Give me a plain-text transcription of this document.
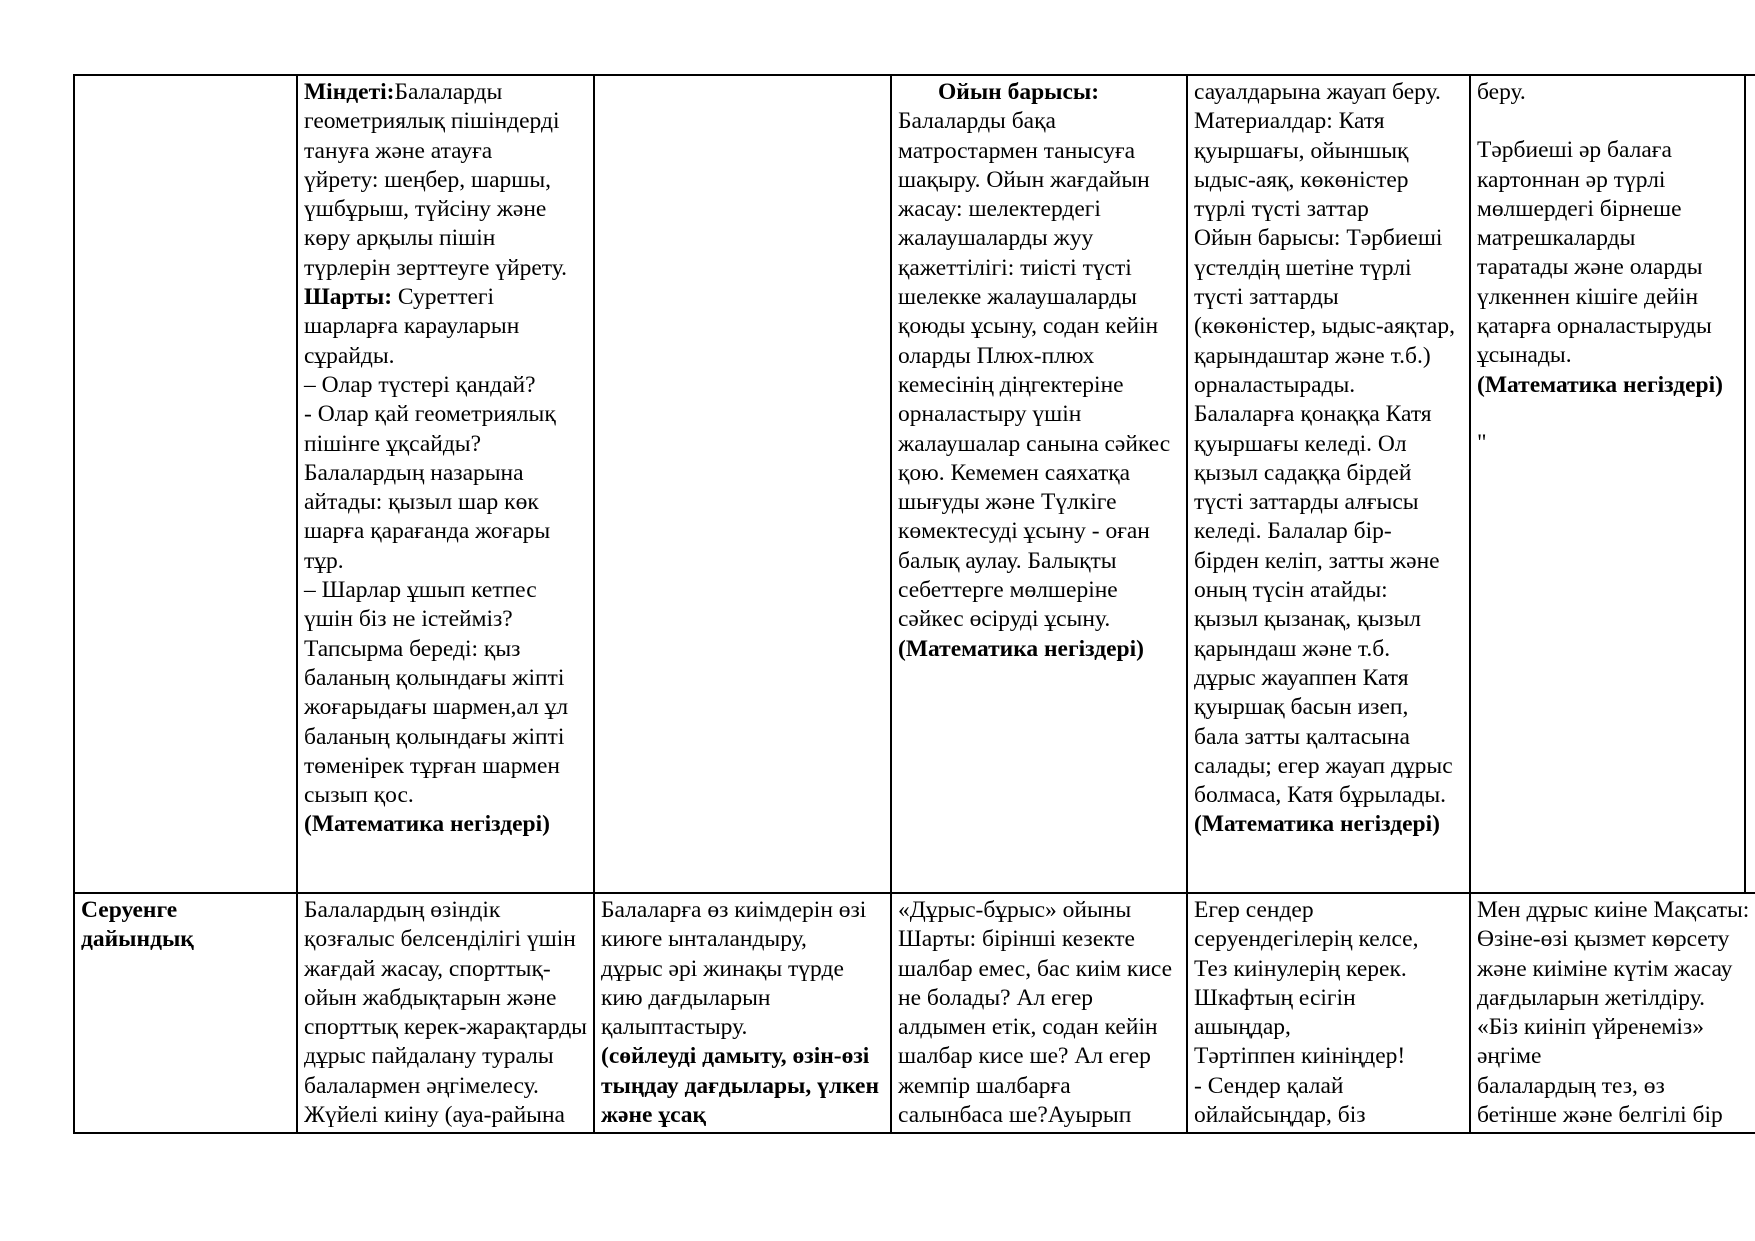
Міндеті:Балаларды
геометриялық пішіндерді
тануға және атауға
үйрету: шеңбер, шаршы,
үшбұрыш, түйсіну және
көру арқылы пішін
түрлерін зерттеуге үйрету.
Шарты: Суреттегі
шарларға карауларын
сұрайды.
– Олар түстері қандай?
- Олар қай геометриялық
пішінге ұқсайды?
Балалардың назарына
айтады: қызыл шар көк
шарға қарағанда жоғары
тұр.
– Шарлар ұшып кетпес
үшін біз не істейміз?
Тапсырма береді: қыз
баланың қолындағы жіпті
жоғарыдағы шармен,ал ұл
баланың қолындағы жіпті
төменірек тұрған шармен
сызып қос.
(Математика негіздері)
Ойын барысы:
Балаларды бақа
матростармен танысуға
шақыру. Ойын жағдайын
жасау: шелектердегі
жалаушаларды жуу
қажеттілігі: тиісті түсті
шелекке жалаушаларды
қоюды ұсыну, содан кейін
оларды Плюх-плюх
кемесінің діңгектеріне
орналастыру үшін
жалаушалар санына сәйкес
қою. Кемемен саяхатқа
шығуды және Түлкіге
көмектесуді ұсыну - оған
балық аулау. Балықты
себеттерге мөлшеріне
сәйкес өсіруді ұсыну.
(Математика негіздері)
сауалдарына жауап беру.
Материалдар: Катя
қуыршағы, ойыншық
ыдыс-аяқ, көкөністер
түрлі түсті заттар
Ойын барысы: Тәрбиеші
үстелдің шетіне түрлі
түсті заттарды
(көкөністер, ыдыс-аяқтар,
қарындаштар және т.б.)
орналастырады.
Балаларға қонаққа Катя
қуыршағы келеді. Ол
қызыл садаққа бірдей
түсті заттарды алғысы
келеді. Балалар бір-
бірден келіп, затты және
оның түсін атайды:
қызыл қызанақ, қызыл
қарындаш және т.б.
дұрыс жауаппен Катя
қуыршақ басын изеп,
бала затты қалтасына
салады; егер жауап дұрыс
болмаса, Катя бұрылады.
(Математика негіздері)
беру.
Тәрбиеші әр балаға
картоннан әр түрлі
мөлшердегі бірнеше
матрешкаларды
таратады және оларды
үлкеннен кішіге дейін
қатарға орналастыруды
ұсынады.
(Математика негіздері)
"
Серуенге
дайындық
Балалардың өзіндік
қозғалыс белсенділігі үшін
жағдай жасау, спорттық-
ойын жабдықтарын және
спорттық керек-жарақтарды
дұрыс пайдалану туралы
балалармен әңгімелесу.
Жүйелі киіну (ауа-райына
Балаларға өз киімдерін өзі
киюге ынталандыру,
дұрыс әрі жинақы түрде
кию дағдыларын
қалыптастыру.
(сөйлеуді дамыту, өзін-өзі
тыңдау дағдылары, үлкен
және ұсақ
«Дұрыс-бұрыс» ойыны
Шарты: бірінші кезекте
шалбар емес, бас киім кисе
не болады? Ал егер
алдымен етік, содан кейін
шалбар кисе ше? Ал егер
жемпір шалбарға
салынбаса ше?Ауырып
Егер сендер
серуендегілерің келсе,
Тез киінулерің керек.
Шкафтың есігін
ашыңдар,
Тәртіппен киініңдер!
- Сендер қалай
ойлайсыңдар, біз
Мен дұрыс киіне Мақсаты:
Өзіне-өзі қызмет көрсету
және киіміне күтім жасау
дағдыларын жетілдіру.
«Біз киініп үйренеміз»
әңгіме
балалардың тез, өз
бетінше және белгілі бір
